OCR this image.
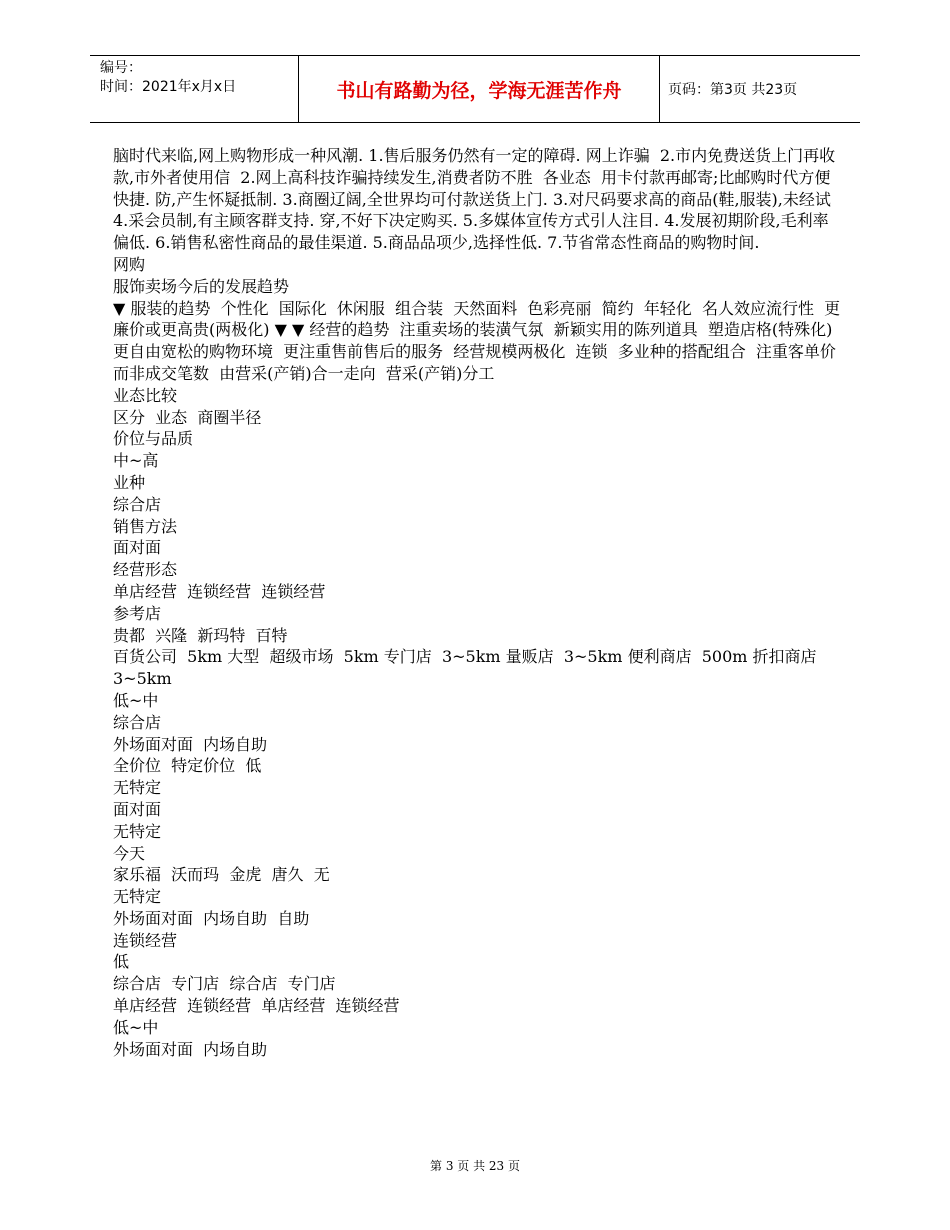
编号：
时间：2021年x月x日	书山有路勤为径，学海无涯苦作舟	页码：第3页 共23页
脑时代来临,网上购物形成一种风潮. 1.售后服务仍然有一定的障碍. 网上诈骗  2.市内免费送货上门再收款,市外者使用信  2.网上高科技诈骗持续发生,消费者防不胜  各业态  用卡付款再邮寄;比邮购时代方便快捷. 防,产生怀疑抵制. 3.商圈辽阔,全世界均可付款送货上门. 3.对尺码要求高的商品(鞋,服装),未经试  4.采会员制,有主顾客群支持. 穿,不好下决定购买. 5.多媒体宣传方式引人注目. 4.发展初期阶段,毛利率偏低. 6.销售私密性商品的最佳渠道. 5.商品品项少,选择性低. 7.节省常态性商品的购物时间.
网购
服饰卖场今后的发展趋势
▼ 服装的趋势  个性化  国际化  休闲服  组合装  天然面料  色彩亮丽  简约  年轻化  名人效应流行性  更廉价或更高贵(两极化) ▼ ▼ 经营的趋势  注重卖场的装潢气氛  新颖实用的陈列道具  塑造店格(特殊化) 更自由宽松的购物环境  更注重售前售后的服务  经营规模两极化  连锁  多业种的搭配组合  注重客单价而非成交笔数  由营采(产销)合一走向  营采(产销)分工
业态比较
区分  业态  商圈半径
价位与品质
中~高
业种
综合店
销售方法
面对面
经营形态
单店经营  连锁经营  连锁经营
参考店
贵都  兴隆  新玛特  百特
百货公司  5km 大型  超级市场  5km 专门店  3~5km 量贩店  3~5km 便利商店  500m 折扣商店  3~5km
低~中
综合店
外场面对面  内场自助
全价位  特定价位  低
无特定
面对面
无特定
今天
家乐福  沃而玛  金虎  唐久  无
无特定
外场面对面  内场自助  自助
连锁经营
低
综合店  专门店  综合店  专门店
单店经营  连锁经营  单店经营  连锁经营
低~中
外场面对面  内场自助
第 3 页 共 23 页
